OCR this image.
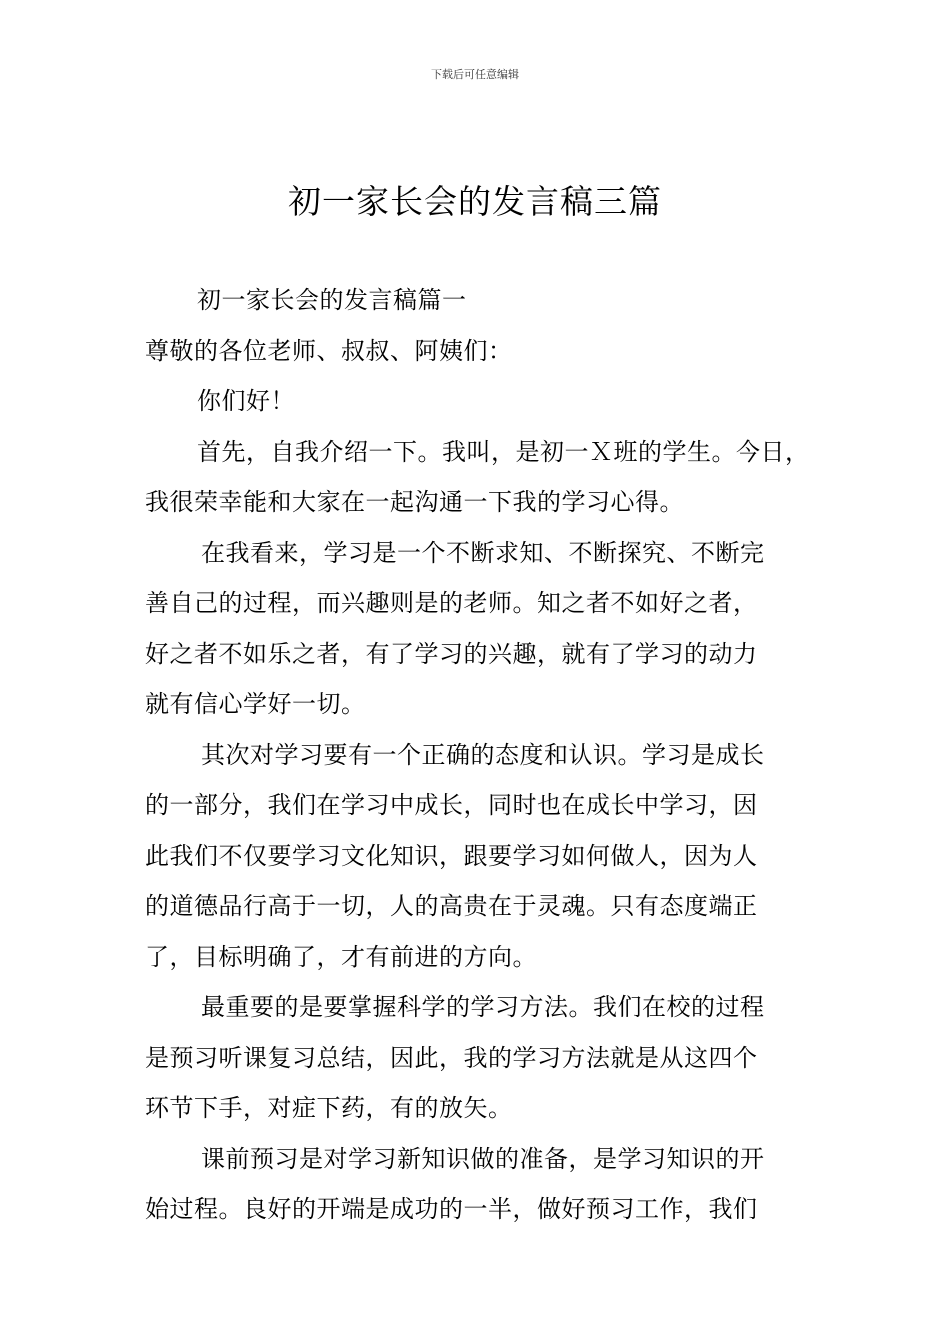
下载后可任意编辑
初一家长会的发言稿三篇
初一家长会的发言稿篇一
尊敬的各位老师、叔叔、阿姨们：
你们好！
首先，自我介绍一下。我叫，是初一Ｘ班的学生。今日，
我很荣幸能和大家在一起沟通一下我的学习心得。
在我看来，学习是一个不断求知、不断探究、不断完
善自己的过程，而兴趣则是的老师。知之者不如好之者，
好之者不如乐之者，有了学习的兴趣，就有了学习的动力
就有信心学好一切。
其次对学习要有一个正确的态度和认识。学习是成长
的一部分，我们在学习中成长，同时也在成长中学习，因
此我们不仅要学习文化知识，跟要学习如何做人，因为人
的道德品行高于一切，人的高贵在于灵魂。只有态度端正
了，目标明确了，才有前进的方向。
最重要的是要掌握科学的学习方法。我们在校的过程
是预习听课复习总结，因此，我的学习方法就是从这四个
环节下手，对症下药，有的放矢。
课前预习是对学习新知识做的准备，是学习知识的开
始过程。良好的开端是成功的一半，做好预习工作，我们
